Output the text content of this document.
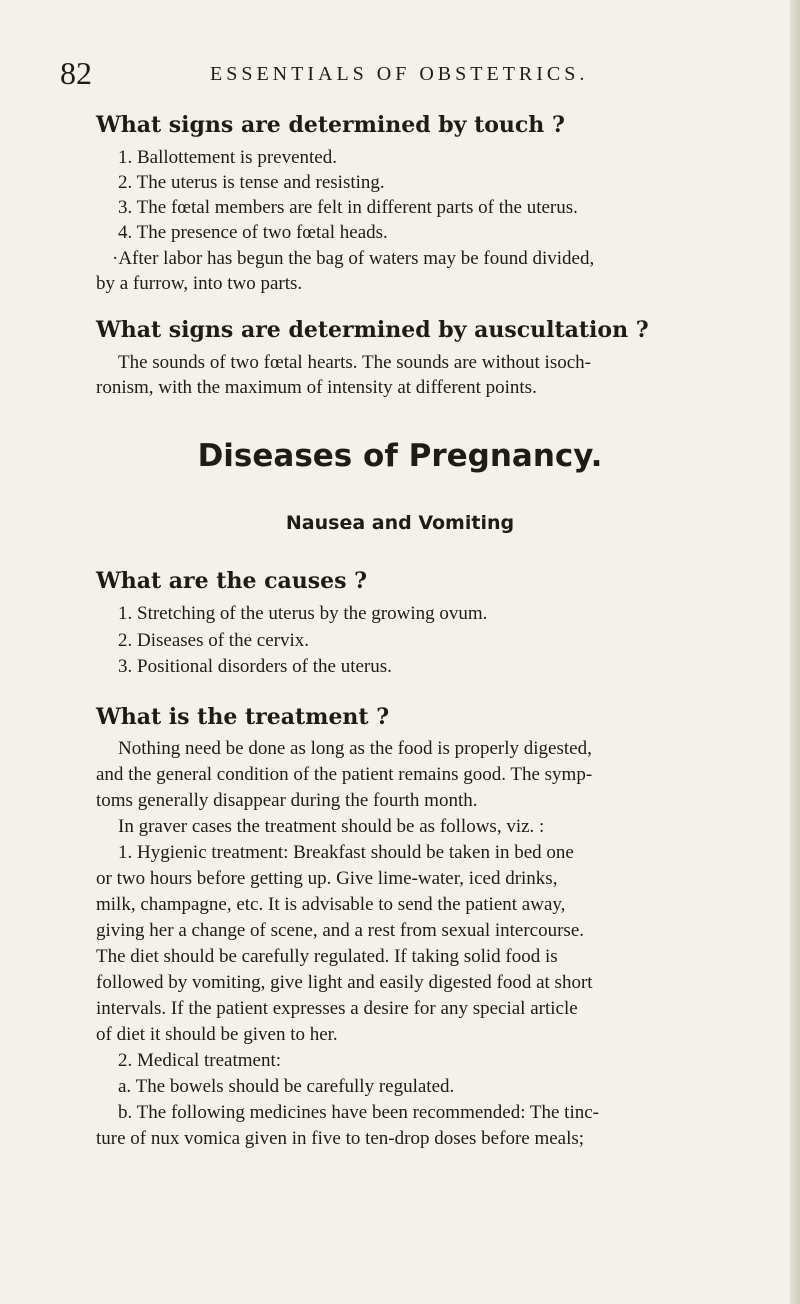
82	ESSENTIALS OF OBSTETRICS.
What signs are determined by touch ?
1. Ballottement is prevented.
2. The uterus is tense and resisting.
3. The fœtal members are felt in different parts of the uterus.
4. The presence of two fœtal heads.
·After labor has begun the bag of waters may be found divided,
by a furrow, into two parts.
What signs are determined by auscultation ?
The sounds of two fœtal hearts. The sounds are without isoch-
ronism, with the maximum of intensity at different points.
Diseases of Pregnancy.
Nausea and Vomiting
What are the causes ?
1. Stretching of the uterus by the growing ovum.
2. Diseases of the cervix.
3. Positional disorders of the uterus.
What is the treatment ?
Nothing need be done as long as the food is properly digested,
and the general condition of the patient remains good. The symp-
toms generally disappear during the fourth month.
In graver cases the treatment should be as follows, viz. :
1. Hygienic treatment: Breakfast should be taken in bed one
or two hours before getting up. Give lime-water, iced drinks,
milk, champagne, etc. It is advisable to send the patient away,
giving her a change of scene, and a rest from sexual intercourse.
The diet should be carefully regulated. If taking solid food is
followed by vomiting, give light and easily digested food at short
intervals. If the patient expresses a desire for any special article
of diet it should be given to her.
2. Medical treatment:
a. The bowels should be carefully regulated.
b. The following medicines have been recommended: The tinc-
ture of nux vomica given in five to ten-drop doses before meals;
